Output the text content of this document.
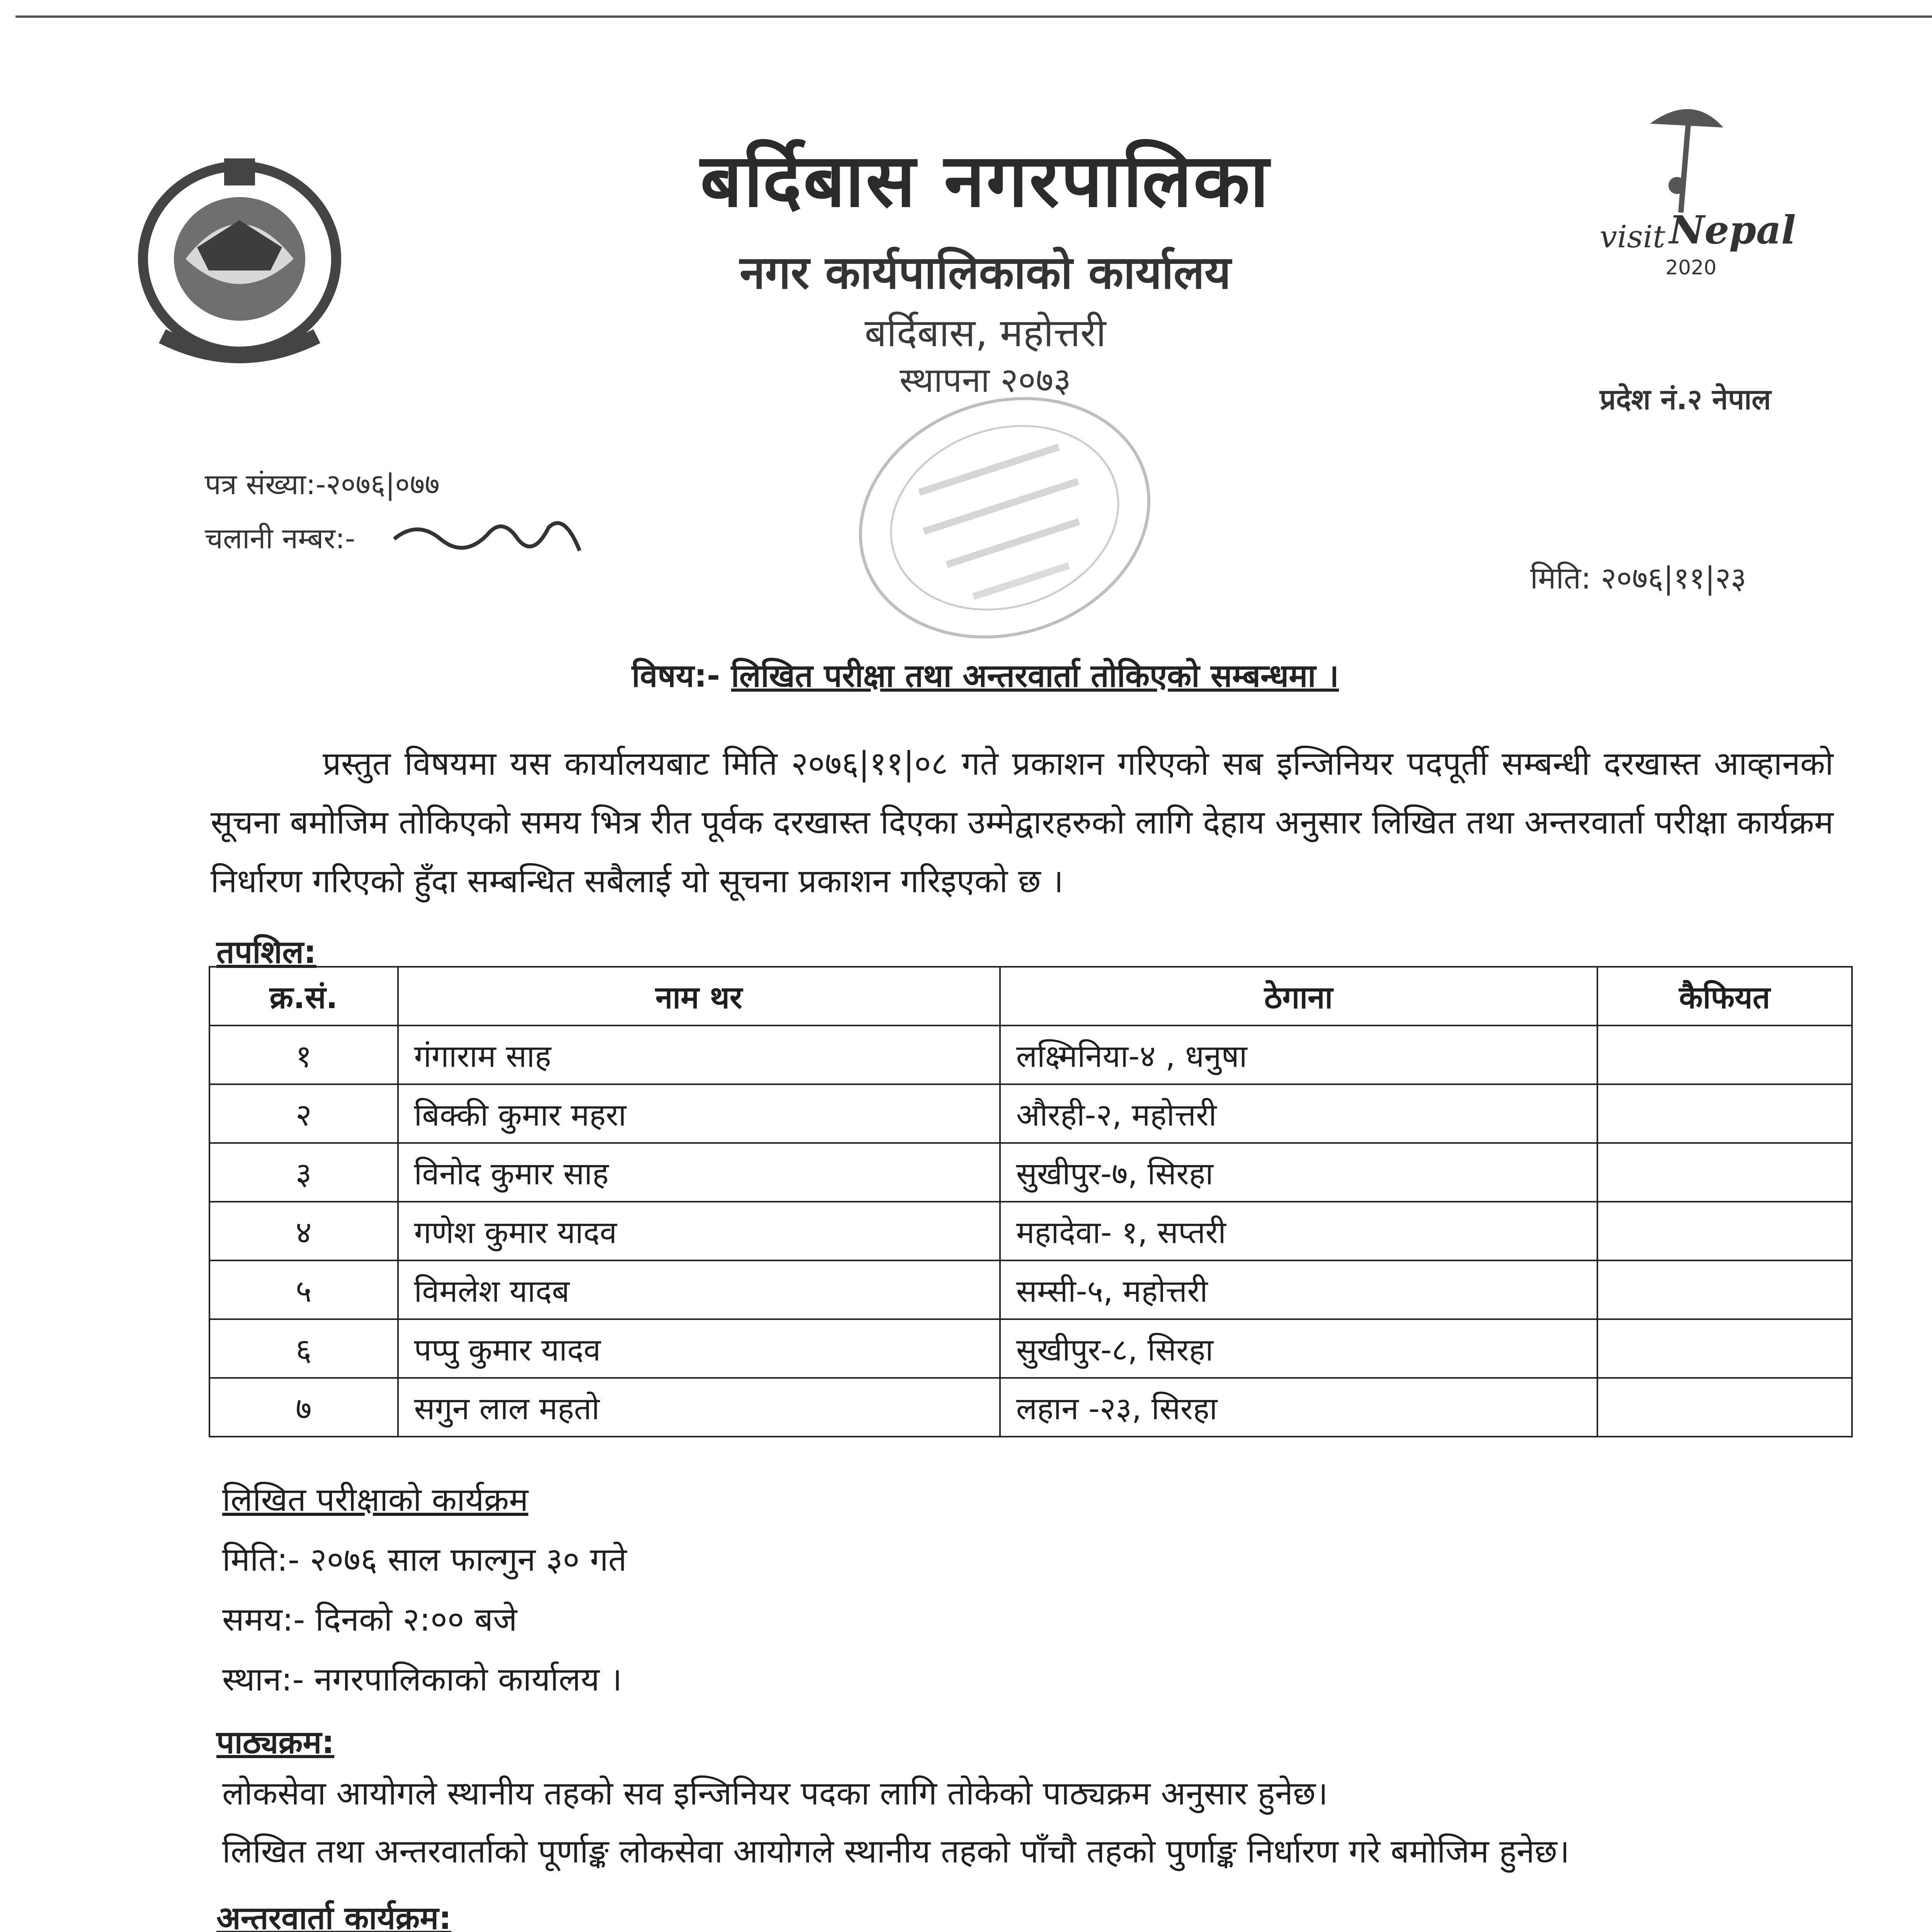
visit Nepal
2020
बर्दिबास नगरपालिका
नगर कार्यपालिकाको कार्यालय
बर्दिबास, महोत्तरी
स्थापना २०७३	प्रदेश नं.२ नेपाल
पत्र संख्या:-२०७६|०७७
चलानी नम्बर:-
मिति: २०७६|११|२३
विषय:- लिखित परीक्षा तथा अन्तरवार्ता तोकिएको सम्बन्धमा ।
प्रस्तुत विषयमा यस कार्यालयबाट मिति २०७६|११|०८ गते प्रकाशन गरिएको सब इन्जिनियर पदपूर्ती सम्बन्धी दरखास्त आव्हानको सूचना बमोजिम तोकिएको समय भित्र रीत पूर्वक दरखास्त दिएका उम्मेद्वारहरुको लागि देहाय अनुसार लिखित तथा अन्तरवार्ता परीक्षा कार्यक्रम निर्धारण गरिएको हुँदा सम्बन्धित सबैलाई यो सूचना प्रकाशन गरिइएको छ ।
तपशिल:
क्र.सं.	नाम थर	ठेगाना	कैफियत
१	गंगाराम साह	लक्ष्मिनिया-४ , धनुषा	
२	बिक्की कुमार महरा	औरही-२, महोत्तरी	
३	विनोद कुमार साह	सुखीपुर-७, सिरहा	
४	गणेश कुमार यादव	महादेवा- १, सप्तरी	
५	विमलेश यादब	सम्सी-५, महोत्तरी	
६	पप्पु कुमार यादव	सुखीपुर-८, सिरहा	
७	सगुन लाल महतो	लहान -२३, सिरहा	
लिखित परीक्षाको कार्यक्रम
मिति:- २०७६ साल फाल्गुन ३० गते
समय:- दिनको २:०० बजे
स्थान:- नगरपालिकाको कार्यालय ।
पाठ्यक्रम:
लोकसेवा आयोगले स्थानीय तहको सव इन्जिनियर पदका लागि तोकेको पाठ्यक्रम अनुसार हुनेछ।
लिखित तथा अन्तरवार्ताको पूर्णाङ्क लोकसेवा आयोगले स्थानीय तहको पाँचौ तहको पुर्णाङ्क निर्धारण गरे बमोजिम हुनेछ।
अन्तरवार्ता कार्यक्रम:
